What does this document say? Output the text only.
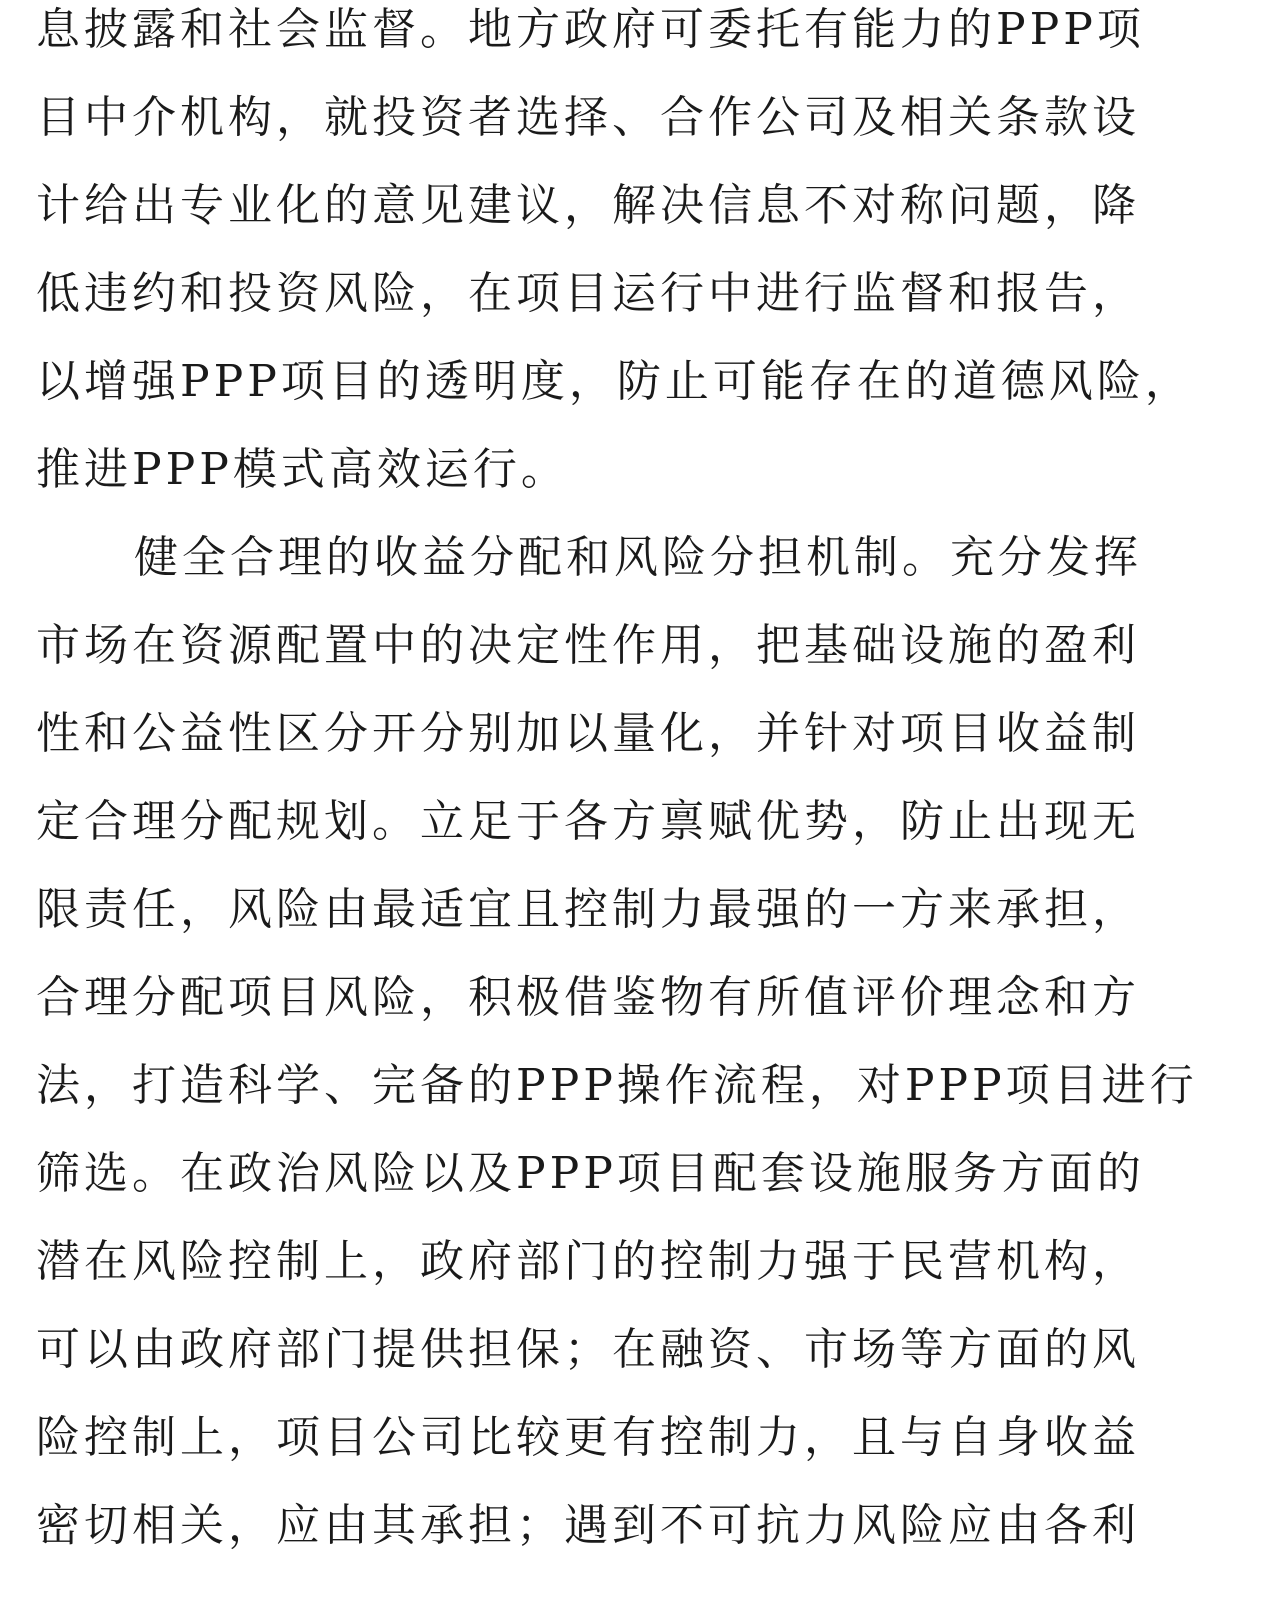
息披露和社会监督。地方政府可委托有能力的PPP项
目中介机构，就投资者选择、合作公司及相关条款设
计给出专业化的意见建议，解决信息不对称问题，降
低违约和投资风险，在项目运行中进行监督和报告，
以增强PPP项目的透明度，防止可能存在的道德风险，
推进PPP模式高效运行。
健全合理的收益分配和风险分担机制。充分发挥
市场在资源配置中的决定性作用，把基础设施的盈利
性和公益性区分开分别加以量化，并针对项目收益制
定合理分配规划。立足于各方禀赋优势，防止出现无
限责任，风险由最适宜且控制力最强的一方来承担，
合理分配项目风险，积极借鉴物有所值评价理念和方
法，打造科学、完备的PPP操作流程，对PPP项目进行
筛选。在政治风险以及PPP项目配套设施服务方面的
潜在风险控制上，政府部门的控制力强于民营机构，
可以由政府部门提供担保；在融资、市场等方面的风
险控制上，项目公司比较更有控制力，且与自身收益
密切相关，应由其承担；遇到不可抗力风险应由各利
